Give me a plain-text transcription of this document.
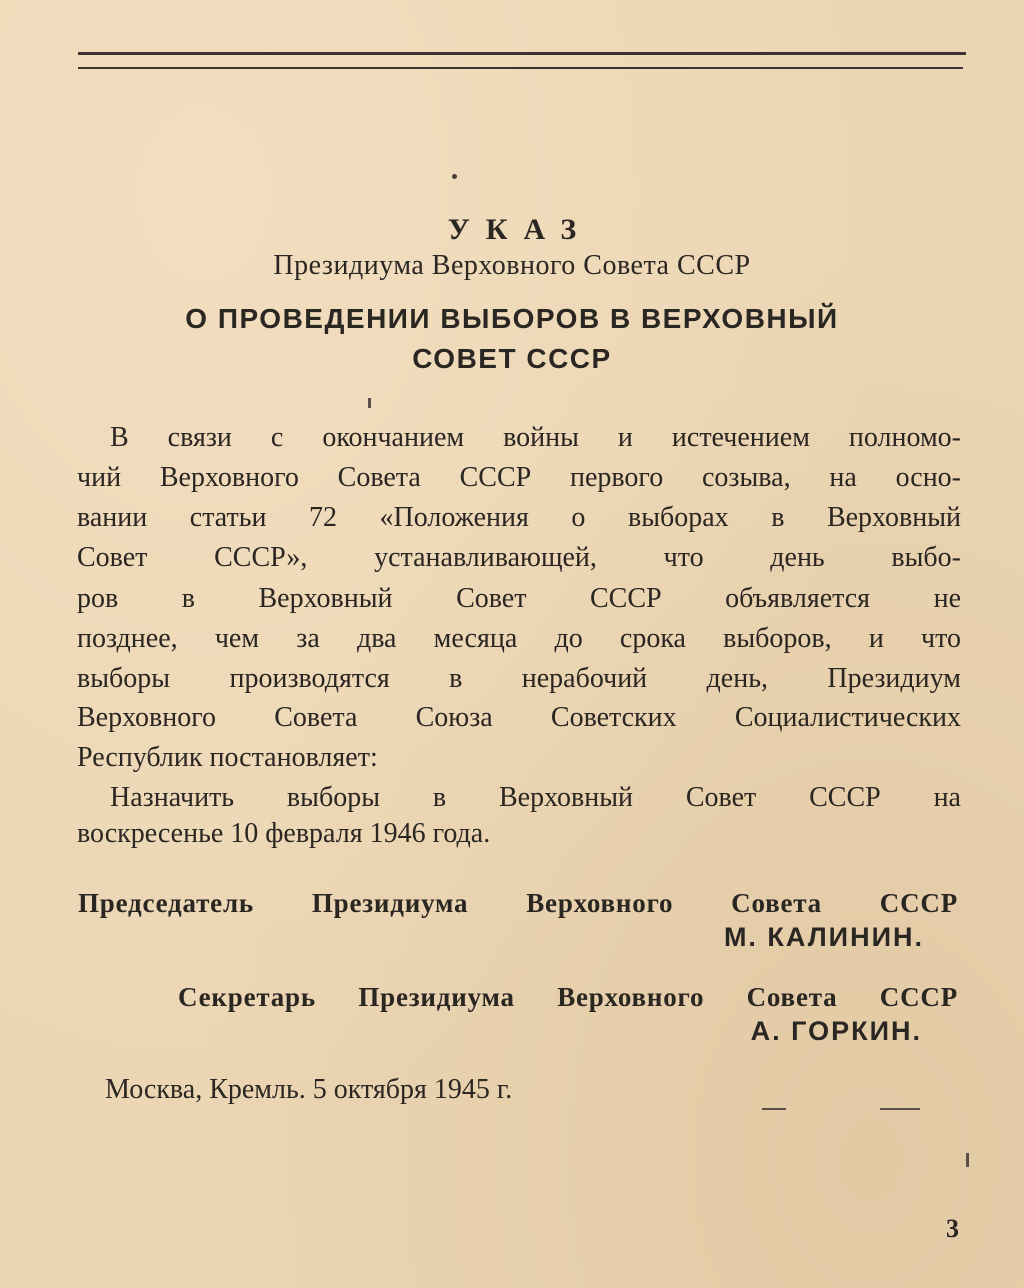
УКАЗ
Президиума Верховного Совета СССР
О ПРОВЕДЕНИИ ВЫБОРОВ В ВЕРХОВНЫЙ
СОВЕТ СССР
В связи с окончанием войны и истечением полномо-
чий Верховного Совета СССР первого созыва, на осно-
вании статьи 72 «Положения о выборах в Верховный
Совет СССР», устанавливающей, что день выбо-
ров в Верховный Совет СССР объявляется не
позднее, чем за два месяца до срока выборов, и что
выборы производятся в нерабочий день, Президиум
Верховного Совета Союза Советских Социалистических
Республик постановляет:
Назначить выборы в Верховный Совет СССР на
воскресенье 10 февраля 1946 года.
Председатель Президиума Верховного Совета СССР
М. КАЛИНИН.
Секретарь Президиума Верховного Совета СССР
А. ГОРКИН.
Москва, Кремль. 5 октября 1945 г.
3
